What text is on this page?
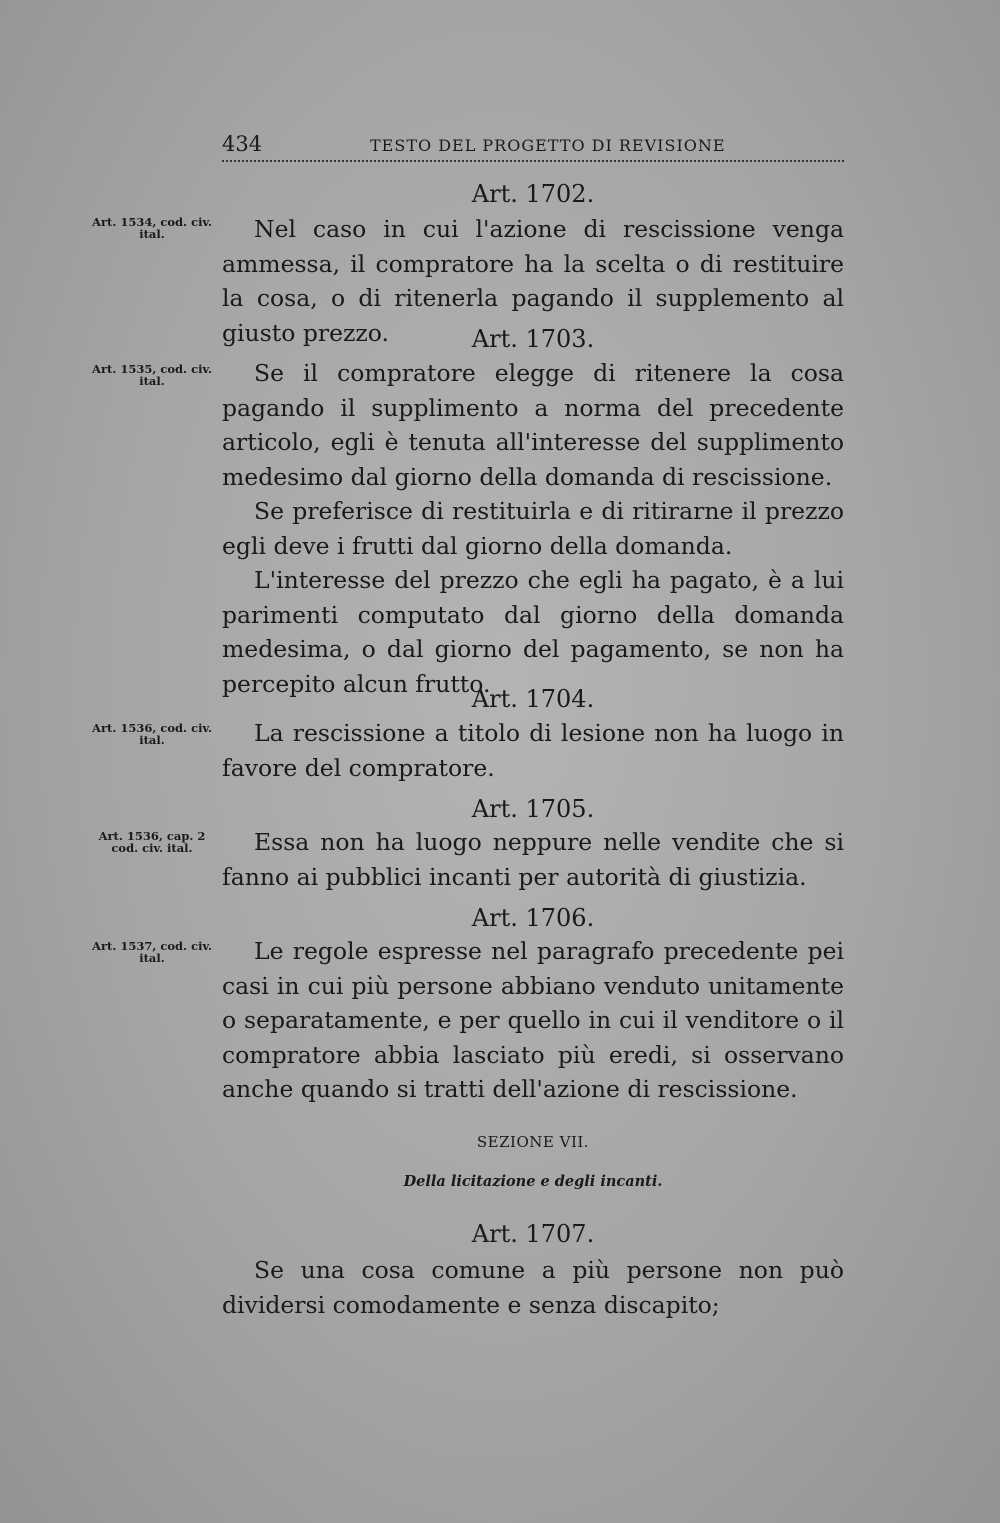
434	TESTO DEL PROGETTO DI REVISIONE
Art. 1702.
Art. 1534, cod. civ. ital.	Nel caso in cui l'azione di rescissione venga ammessa, il compratore ha la scelta o di restituire la cosa, o di ritenerla pagando il supplemento al giusto prezzo.	Art. 1703.
Art. 1535, cod. civ. ital.	Se il compratore elegge di ritenere la cosa pagando il supplimento a norma del precedente articolo, egli è tenuta all'interesse del supplimento medesimo dal giorno della domanda di rescissione.

Se preferisce di restituirla e di ritirarne il prezzo egli deve i frutti dal giorno della domanda.

L'interesse del prezzo che egli ha pagato, è a lui parimenti computato dal giorno della domanda medesima, o dal giorno del pagamento, se non ha percepito alcun frutto.

Art. 1704.
Art. 1536, cod. civ. ital.	La rescissione a titolo di lesione non ha luogo in favore del compratore.

Art. 1705.
Art. 1536, cap. 2 cod. civ. ital.	Essa non ha luogo neppure nelle vendite che si fanno ai pubblici incanti per autorità di giustizia.

Art. 1706.
Art. 1537, cod. civ. ital.	Le regole espresse nel paragrafo precedente pei casi in cui più persone abbiano venduto unitamente o separatamente, e per quello in cui il venditore o il compratore abbia lasciato più eredi, si osservano anche quando si tratti dell'azione di rescissione.

SEZIONE VII.
Della licitazione e degli incanti.
Art. 1707.

Se una cosa comune a più persone non può dividersi comodamente e senza discapito;
